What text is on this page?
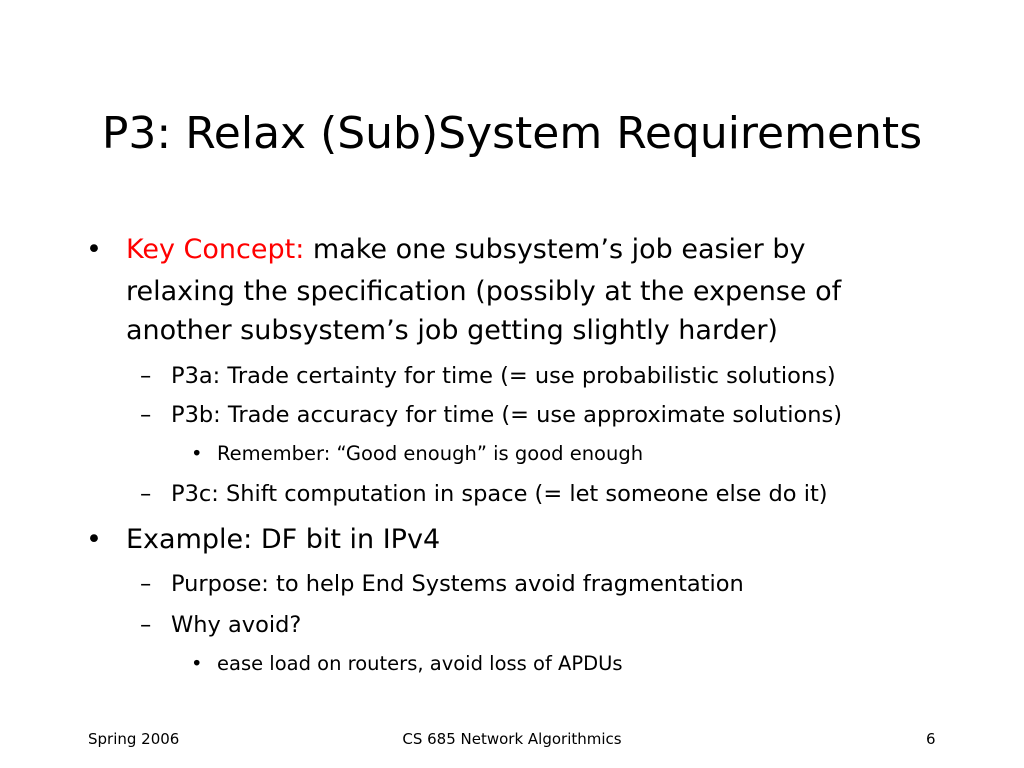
P3: Relax (Sub)System Requirements
• Key Concept: make one subsystem’s job easier by
relaxing the specification (possibly at the expense of
another subsystem’s job getting slightly harder)
– P3a: Trade certainty for time (= use probabilistic solutions)
– P3b: Trade accuracy for time (= use approximate solutions)
• Remember: “Good enough” is good enough
– P3c: Shift computation in space (= let someone else do it)
• Example: DF bit in IPv4
– Purpose: to help End Systems avoid fragmentation
– Why avoid?
• ease load on routers, avoid loss of APDUs
Spring 2006	CS 685 Network Algorithmics	6
